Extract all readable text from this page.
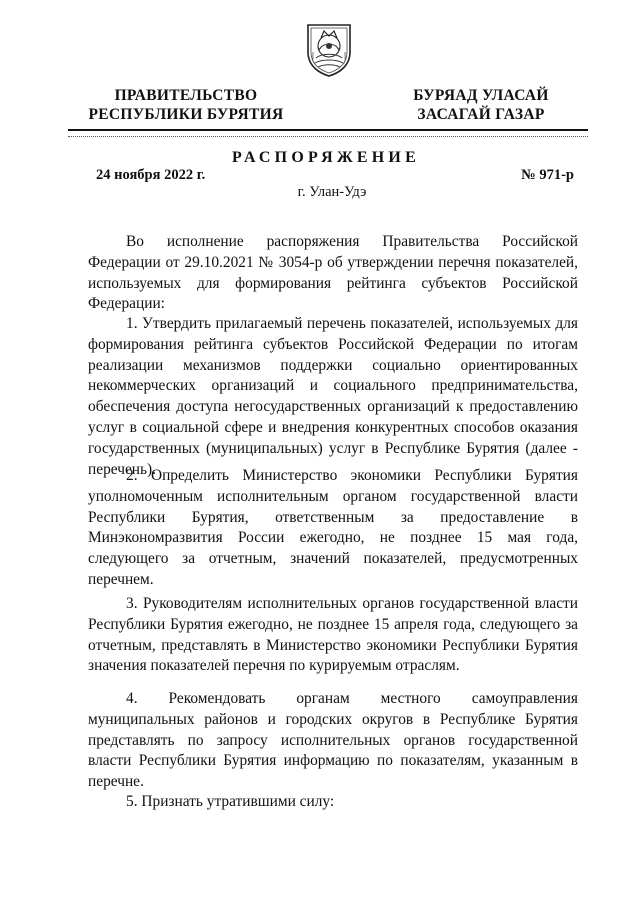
ПРАВИТЕЛЬСТВО
РЕСПУБЛИКИ БУРЯТИЯ
БУРЯАД УЛАСАЙ
ЗАСАГАЙ ГАЗАР
РАСПОРЯЖЕНИЕ
24 ноября 2022 г.	№ 971-р
г. Улан-Удэ

Во исполнение распоряжения Правительства Российской Федерации от 29.10.2021 № 3054-р об утверждении перечня показателей, используемых для формирования рейтинга субъектов Российской Федерации:

1. Утвердить прилагаемый перечень показателей, используемых для формирования рейтинга субъектов Российской Федерации по итогам реализации механизмов поддержки социально ориентированных некоммерческих организаций и социального предпринимательства, обеспечения доступа негосударственных организаций к предоставлению услуг в социальной сфере и внедрения конкурентных способов оказания государственных (муниципальных) услуг в Республике Бурятия (далее - перечень).

2. Определить Министерство экономики Республики Бурятия уполномоченным исполнительным органом государственной власти Республики Бурятия, ответственным за предоставление в Минэкономразвития России ежегодно, не позднее 15 мая года, следующего за отчетным, значений показателей, предусмотренных перечнем.

3. Руководителям исполнительных органов государственной власти Республики Бурятия ежегодно, не позднее 15 апреля года, следующего за отчетным, представлять в Министерство экономики Республики Бурятия значения показателей перечня по курируемым отраслям.

4. Рекомендовать органам местного самоуправления муниципальных районов и городских округов в Республике Бурятия представлять по запросу исполнительных органов государственной власти Республики Бурятия информацию по показателям, указанным в перечне.

5. Признать утратившими силу:
